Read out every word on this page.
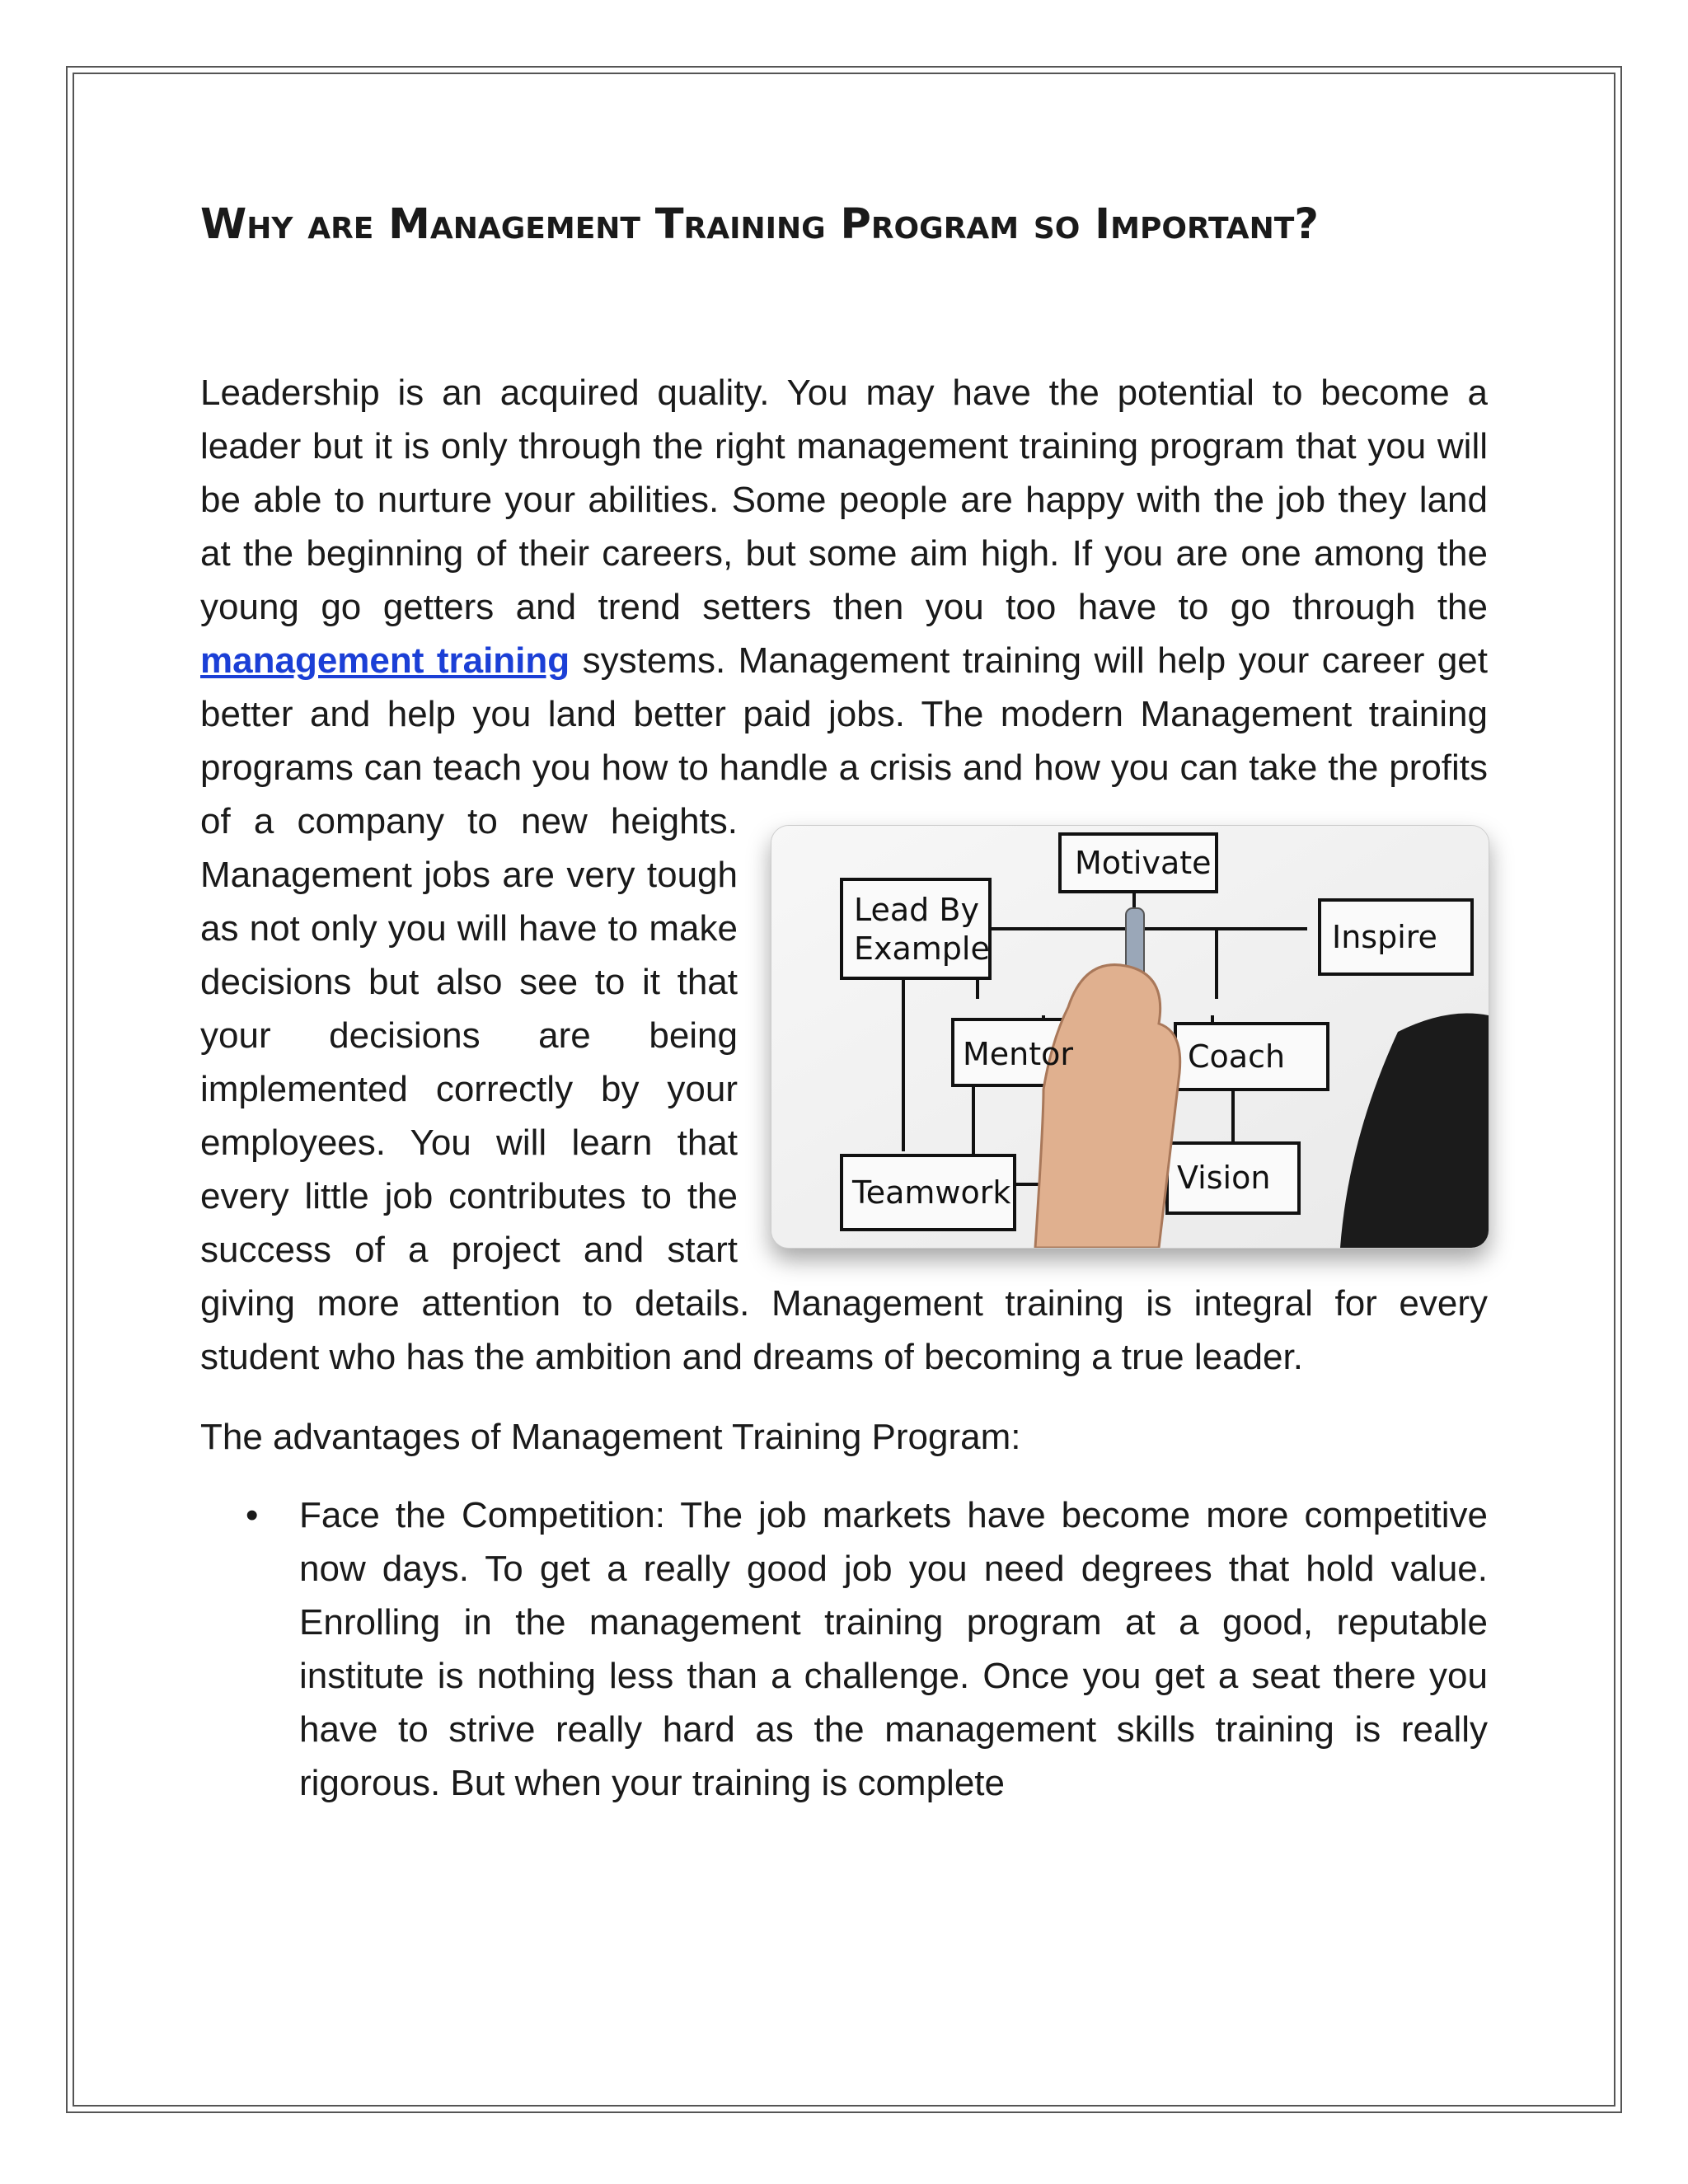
Why are Management Training Program so Important?

Leadership is an acquired quality. You may have the potential to become a leader but it is only through the right management training program that you will be able to nurture your abilities. Some people are happy with the job they land at the beginning of their careers, but some aim high. If you are one among the young go getters and trend setters then you too have to go through the management training systems. Management training will help your career get better and help you land better paid jobs. The modern Management training programs can teach you how to handle a
Motivate
Lead By
Example	Inspire
Mentor	Coach
Teamwork	Vision
crisis and how you can take the profits of a company to new heights. Management jobs are very tough as not only you will have to make decisions but also see to it that your decisions are being implemented correctly by your employees. You will learn that every little job contributes to the success of a project and start giving more attention to details. Management training is integral for every student who has the ambition and dreams of becoming a true leader.

The advantages of Management Training Program:

• Face the Competition: The job markets have become more competitive now days. To get a really good job you need degrees that hold value. Enrolling in the management training program at a good, reputable institute is nothing less than a challenge. Once you get a seat there you have to strive really hard as the management skills training is really rigorous. But when your training is complete
